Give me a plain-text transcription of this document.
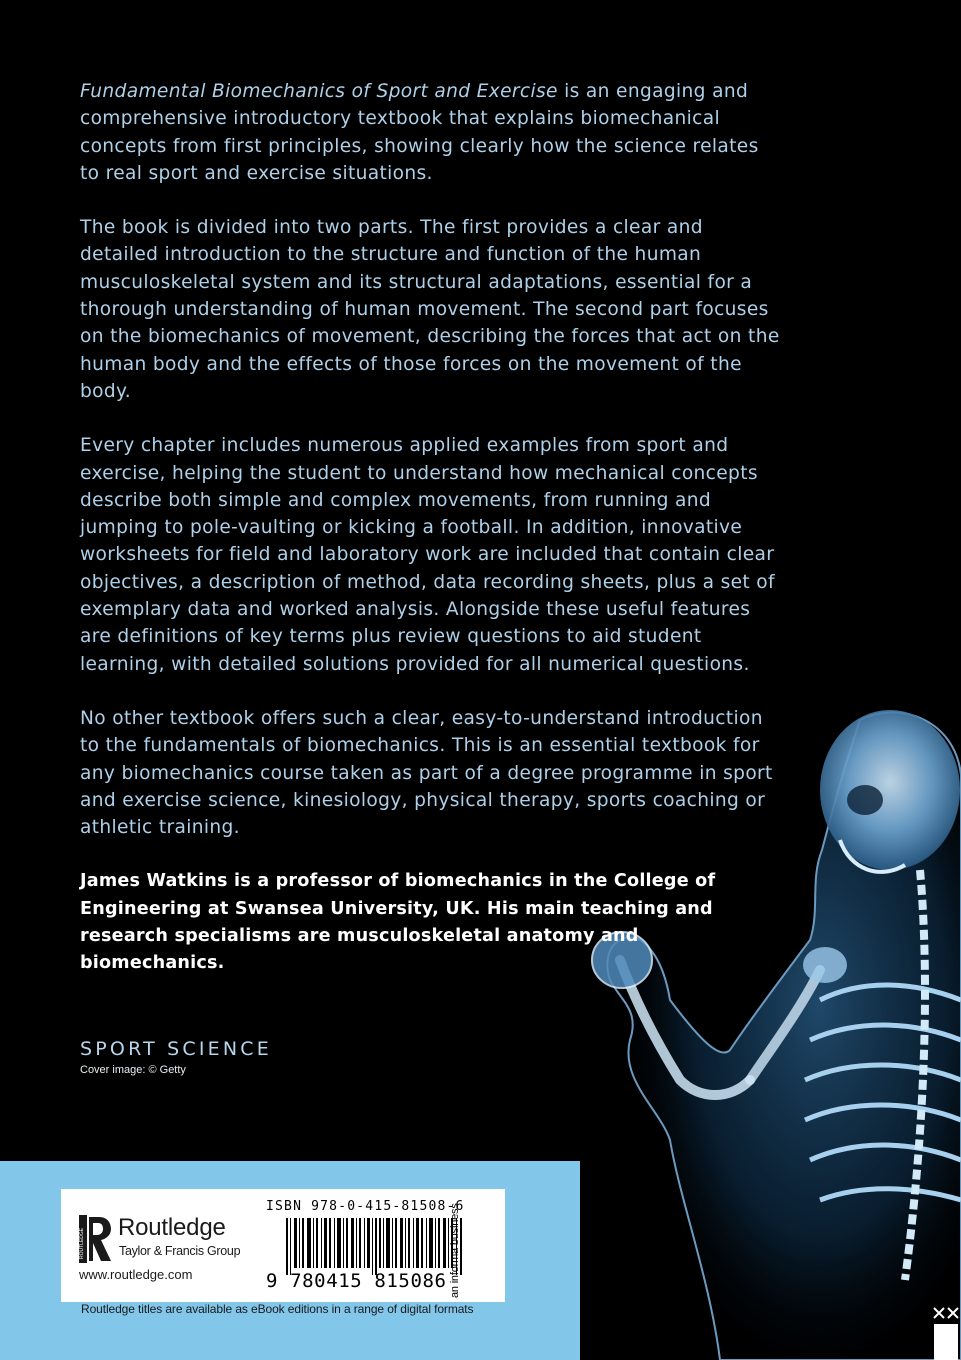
Fundamental Biomechanics of Sport and Exercise is an engaging and comprehensive introductory textbook that explains biomechanical concepts from first principles, showing clearly how the science relates to real sport and exercise situations.

The book is divided into two parts. The first provides a clear and detailed introduction to the structure and function of the human musculoskeletal system and its structural adaptations, essential for a thorough understanding of human movement. The second part focuses on the biomechanics of movement, describing the forces that act on the human body and the effects of those forces on the movement of the body.

Every chapter includes numerous applied examples from sport and exercise, helping the student to understand how mechanical concepts describe both simple and complex movements, from running and jumping to pole-vaulting or kicking a football. In addition, innovative worksheets for field and laboratory work are included that contain clear objectives, a description of method, data recording sheets, plus a set of exemplary data and worked analysis. Alongside these useful features are definitions of key terms plus review questions to aid student learning, with detailed solutions provided for all numerical questions.

No other textbook offers such a clear, easy-to-understand introduction to the fundamentals of biomechanics. This is an essential textbook for any biomechanics course taken as part of a degree programme in sport and exercise science, kinesiology, physical therapy, sports coaching or athletic training.

James Watkins is a professor of biomechanics in the College of Engineering at Swansea University, UK. His main teaching and research specialisms are musculoskeletal anatomy and biomechanics.

SPORT SCIENCE
Cover image: © Getty
ROUTLEDGE
Routledge
Taylor & Francis Group
www.routledge.com
ISBN 978-0-415-81508-6
9 780415 815086 an informa business
Routledge titles are available as eBook editions in a range of digital formats
